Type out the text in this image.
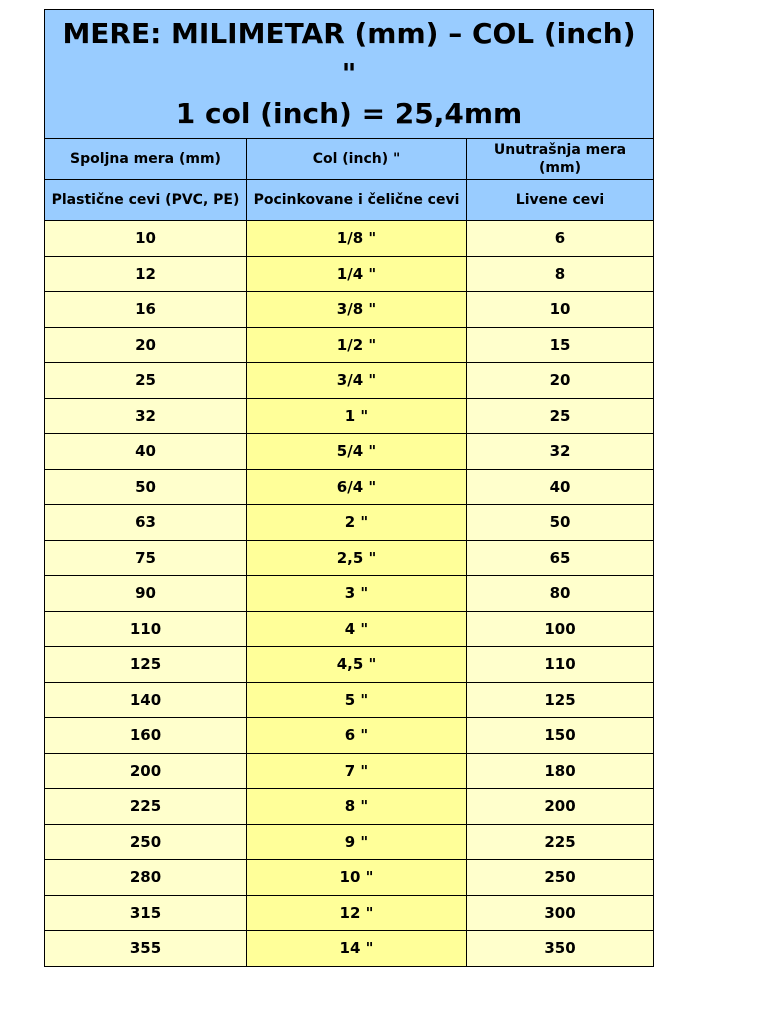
MERE: MILIMETAR (mm) – COL (inch) "
1 col (inch) = 25,4mm		

Spoljna mera (mm)	Col (inch) "	Unutrašnja mera (mm)
Plastične cevi (PVC, PE)	Pocinkovane i čelične cevi	Livene cevi
10	1/8 "	6
12	1/4 "	8
16	3/8 "	10
20	1/2 "	15
25	3/4 "	20
32	1 "	25
40	5/4 "	32
50	6/4 "	40
63	2 "	50
75	2,5 "	65
90	3 "	80
110	4 "	100
125	4,5 "	110
140	5 "	125
160	6 "	150
200	7 "	180
225	8 "	200
250	9 "	225
280	10 "	250
315	12 "	300
355	14 "	350
